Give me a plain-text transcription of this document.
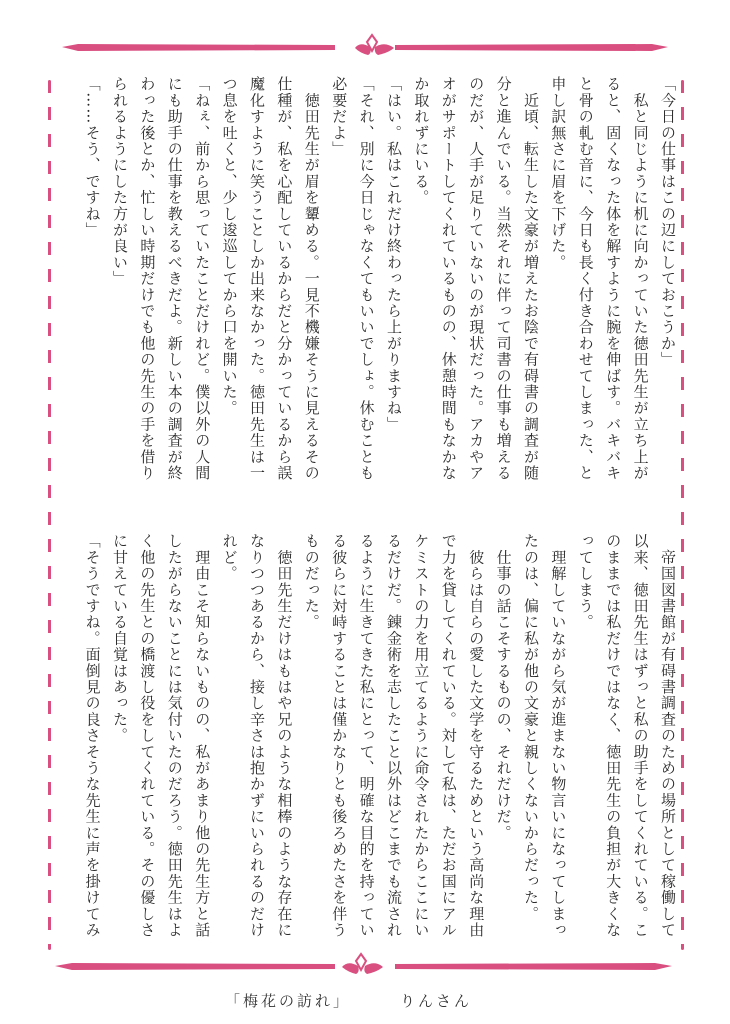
「今日の仕事はこの辺にしておこうか」
　私と同じように机に向かっていた徳田先生が立ち上が
ると、固くなった体を解すように腕を伸ばす。バキバキ
と骨の軋む音に、今日も長く付き合わせてしまった、と
申し訳無さに眉を下げた。
　近頃、転生した文豪が増えたお陰で有碍書の調査が随
分と進んでいる。当然それに伴って司書の仕事も増える
のだが、人手が足りていないのが現状だった。アカやア
オがサポートしてくれているものの、休憩時間もなかな
か取れずにいる。
「はい。私はこれだけ終わったら上がりますね」
「それ、別に今日じゃなくてもいいでしょ。休むことも
必要だよ」
　徳田先生が眉を顰める。一見不機嫌そうに見えるその
仕種が、私を心配しているからだと分かっているから誤
魔化すように笑うことしか出来なかった。徳田先生は一
つ息を吐くと、少し逡巡してから口を開いた。
「ねぇ、前から思っていたことだけれど。僕以外の人間
にも助手の仕事を教えるべきだよ。新しい本の調査が終
わった後とか、忙しい時期だけでも他の先生の手を借り
られるようにした方が良い」
「……そう、ですね」
　帝国図書館が有碍書調査のための場所として稼働して
以来、徳田先生はずっと私の助手をしてくれている。こ
のままでは私だけではなく、徳田先生の負担が大きくな
ってしまう。
　理解していながら気が進まない物言いになってしまっ
たのは、偏に私が他の文豪と親しくないからだった。
　仕事の話こそするものの、それだけだ。
　彼らは自らの愛した文学を守るためという高尚な理由
で力を貸してくれている。対して私は、ただお国にアル
ケミストの力を用立てるように命令されたからここにい
るだけだ。錬金術を志したこと以外はどこまでも流され
るように生きてきた私にとって、明確な目的を持ってい
る彼らに対峙することは僅かなりとも後ろめたさを伴う
ものだった。
　徳田先生だけはもはや兄のような相棒のような存在に
なりつつあるから、接し辛さは抱かずにいられるのだけ
れど。
　理由こそ知らないものの、私があまり他の先生方と話
したがらないことには気付いたのだろう。徳田先生はよ
く他の先生との橋渡し役をしてくれている。その優しさ
に甘えている自覚はあった。
「そうですね。面倒見の良さそうな先生に声を掛けてみ
「梅花の訪れ」	りんさん
